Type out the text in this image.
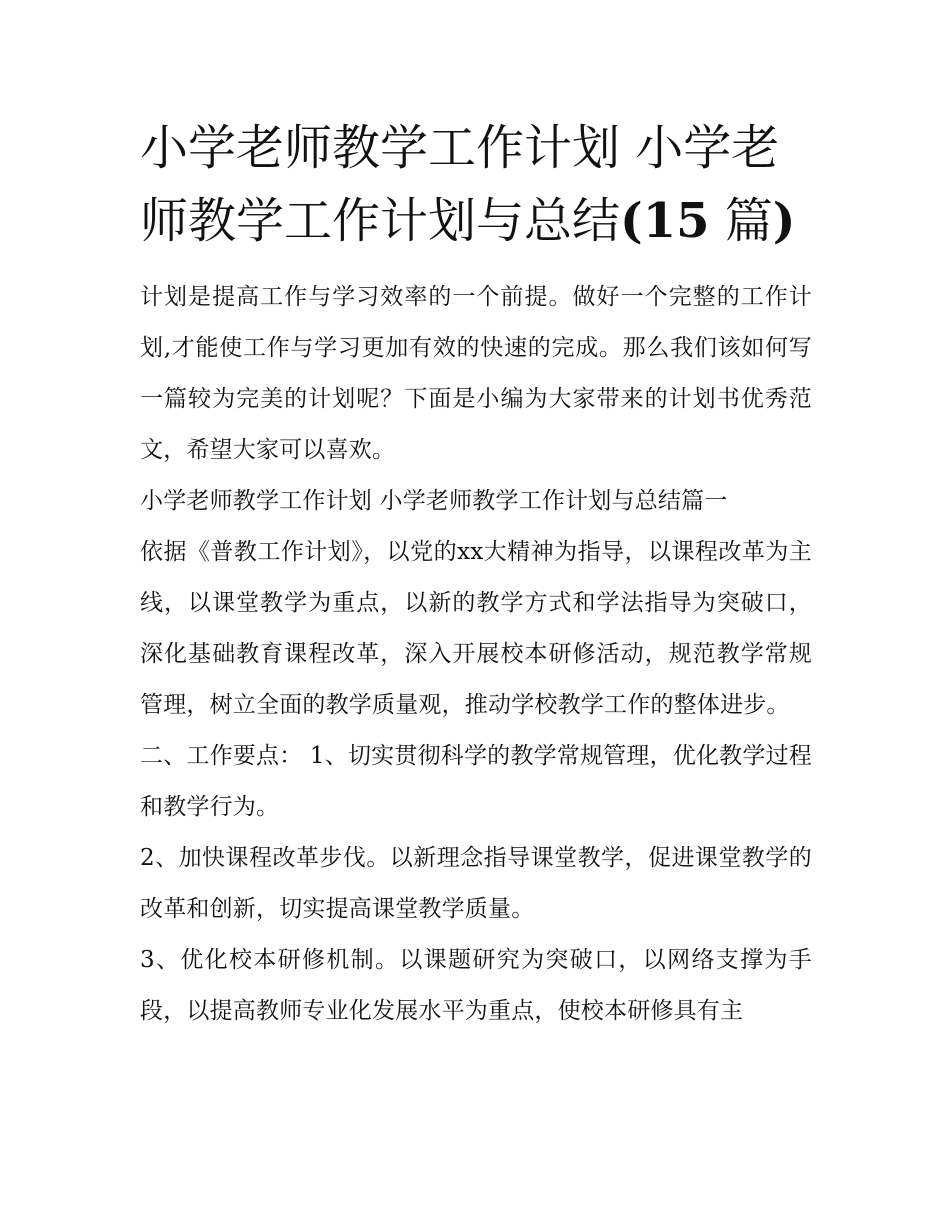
小学老师教学工作计划 小学老师教学工作计划与总结(15 篇)

计划是提高工作与学习效率的一个前提。做好一个完整的工作计划,才能使工作与学习更加有效的快速的完成。那么我们该如何写一篇较为完美的计划呢？下面是小编为大家带来的计划书优秀范文，希望大家可以喜欢。

小学老师教学工作计划 小学老师教学工作计划与总结篇一

依据《普教工作计划》，以党的xx大精神为指导，以课程改革为主线，以课堂教学为重点，以新的教学方式和学法指导为突破口，深化基础教育课程改革，深入开展校本研修活动，规范教学常规管理，树立全面的教学质量观，推动学校教学工作的整体进步。

二、工作要点： 1、切实贯彻科学的教学常规管理，优化教学过程和教学行为。

2、加快课程改革步伐。以新理念指导课堂教学，促进课堂教学的改革和创新，切实提高课堂教学质量。

3、优化校本研修机制。以课题研究为突破口，以网络支撑为手段，以提高教师专业化发展水平为重点，使校本研修具有主
